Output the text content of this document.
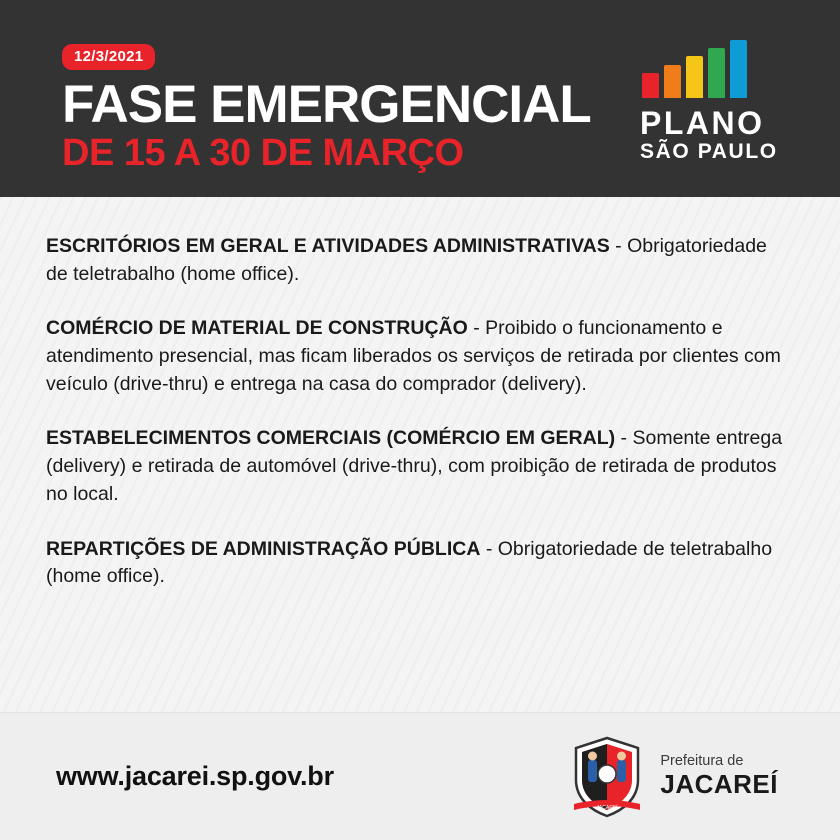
12/3/2021
FASE EMERGENCIAL
DE 15 A 30 DE MARÇO
PLANO
SÃO PAULO

ESCRITÓRIOS EM GERAL E ATIVIDADES ADMINISTRATIVAS - Obrigatoriedade de teletrabalho (home office).

COMÉRCIO DE MATERIAL DE CONSTRUÇÃO - Proibido o funcionamento e atendimento presencial, mas ficam liberados os serviços de retirada por clientes com veículo (drive-thru) e entrega na casa do comprador (delivery).

ESTABELECIMENTOS COMERCIAIS (COMÉRCIO EM GERAL) - Somente entrega (delivery) e retirada de automóvel (drive-thru), com proibição de retirada de produtos no local.

REPARTIÇÕES DE ADMINISTRAÇÃO PÚBLICA - Obrigatoriedade de teletrabalho (home office).

www.jacarei.sp.gov.br
JACAREÍ
Prefeitura de
JACAREÍ
